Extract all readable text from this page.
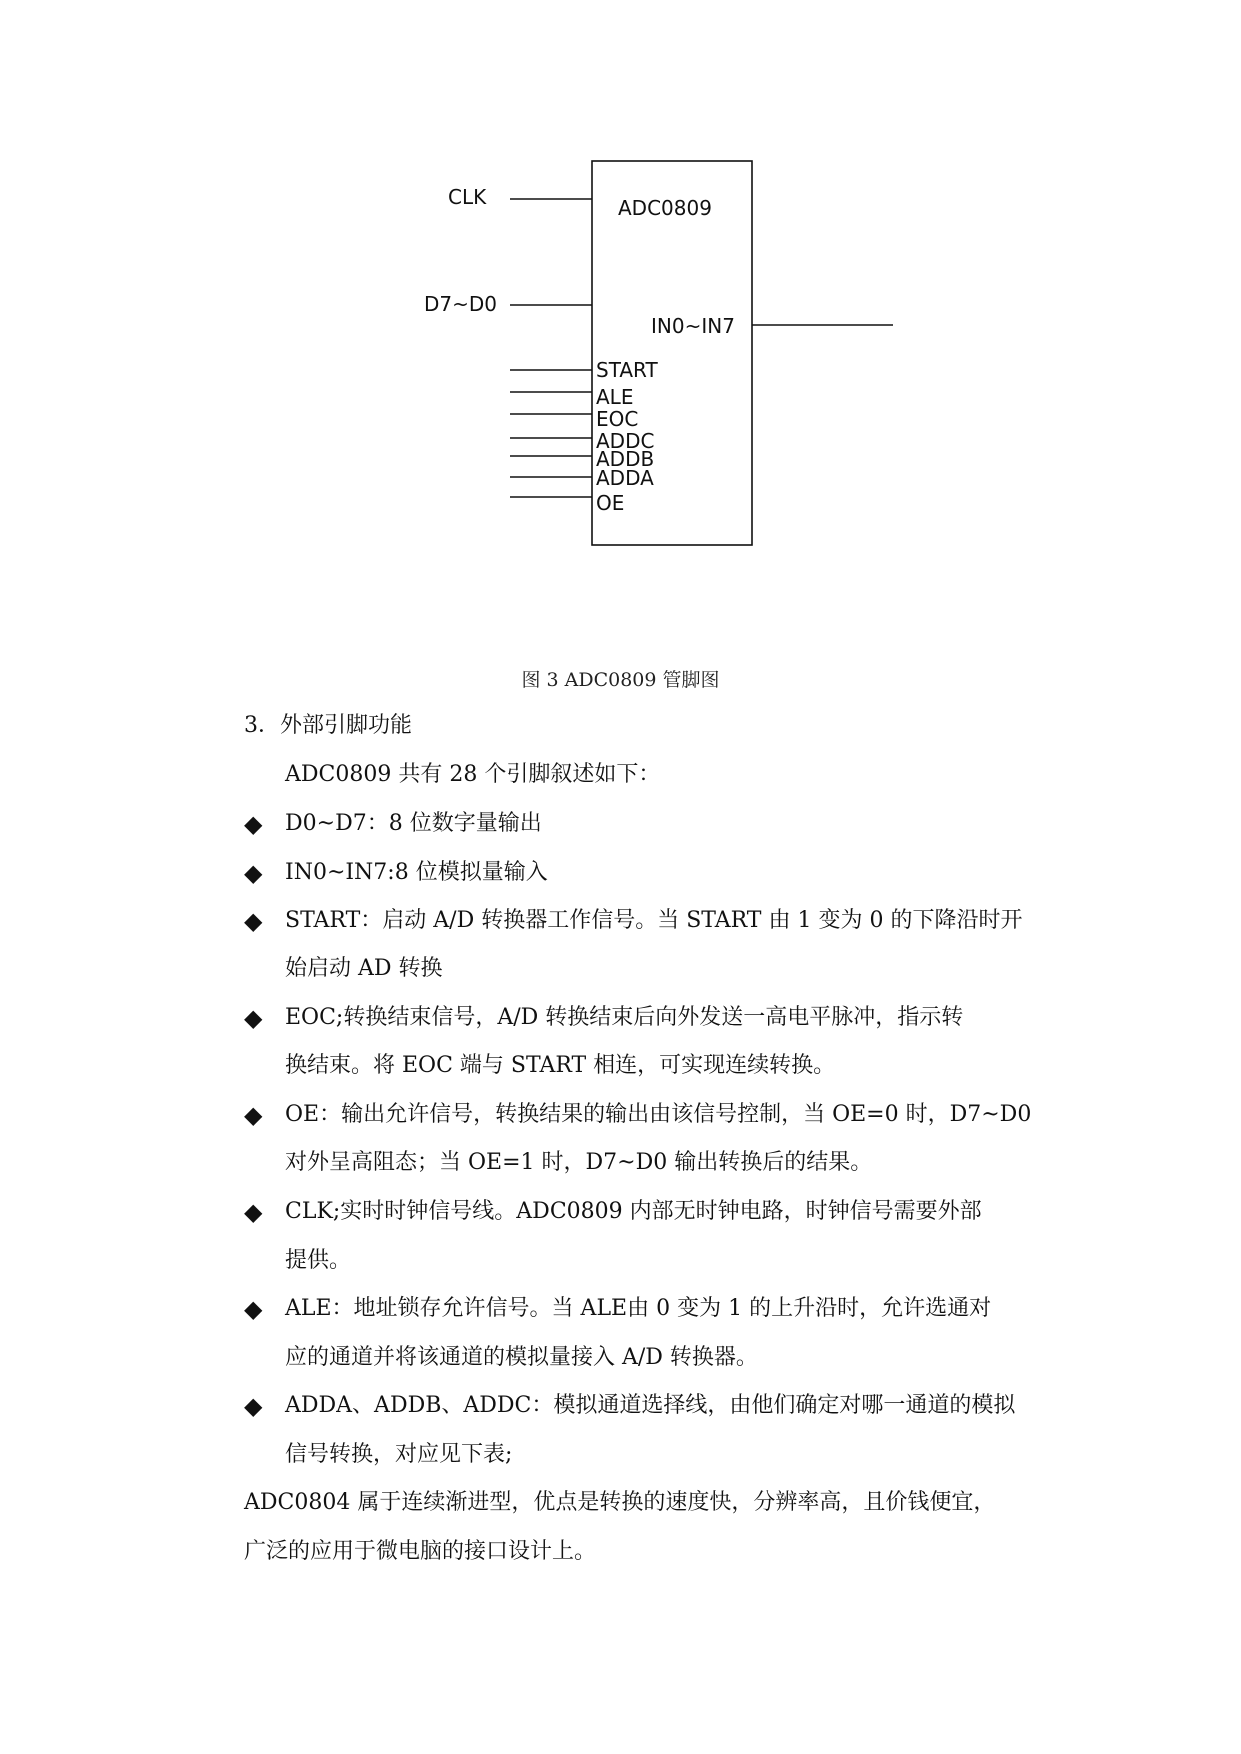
CLK
D7~D0
ADC0809
IN0~IN7
START
ALE
EOC
ADDC
ADDB
ADDA
OE
图 3 ADC0809 管脚图
3．外部引脚功能
ADC0809 共有 28 个引脚叙述如下：
◆ D0~D7：8 位数字量输出
◆ IN0~IN7:8 位模拟量输入
◆ START：启动 A/D 转换器工作信号。当 START 由 1 变为 0 的下降沿时开
始启动 AD 转换
◆ EOC;转换结束信号，A/D 转换结束后向外发送一高电平脉冲，指示转
换结束。将 EOC 端与 START 相连，可实现连续转换。
◆ OE：输出允许信号，转换结果的输出由该信号控制，当 OE=0 时，D7~D0
对外呈高阻态；当 OE=1 时，D7~D0 输出转换后的结果。
◆ CLK;实时时钟信号线。ADC0809 内部无时钟电路，时钟信号需要外部
提供。
◆ ALE：地址锁存允许信号。当 ALE由 0 变为 1 的上升沿时，允许选通对
应的通道并将该通道的模拟量接入 A/D 转换器。
◆ ADDA、ADDB、ADDC：模拟通道选择线，由他们确定对哪一通道的模拟
信号转换，对应见下表;
ADC0804 属于连续渐进型，优点是转换的速度快，分辨率高，且价钱便宜，
广泛的应用于微电脑的接口设计上。
